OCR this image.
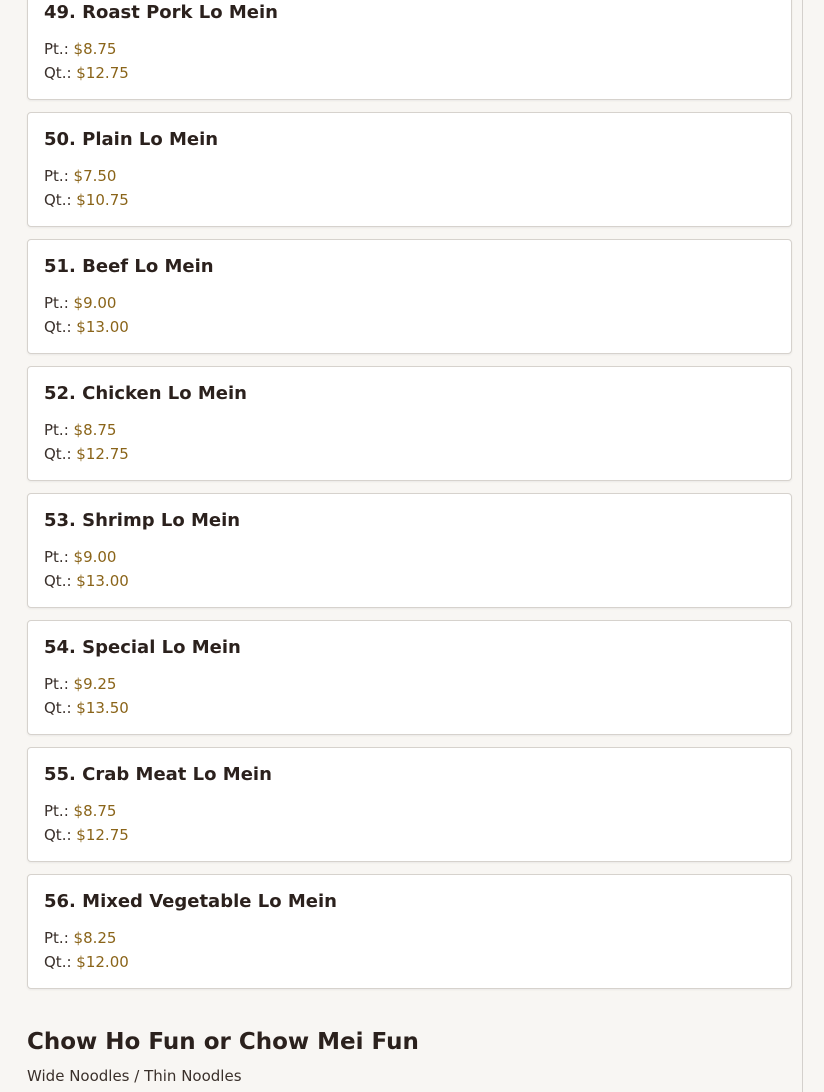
49. Roast Pork Lo Mein
Pt.: $8.75
Qt.: $12.75
50. Plain Lo Mein
Pt.: $7.50
Qt.: $10.75
51. Beef Lo Mein
Pt.: $9.00
Qt.: $13.00
52. Chicken Lo Mein
Pt.: $8.75
Qt.: $12.75
53. Shrimp Lo Mein
Pt.: $9.00
Qt.: $13.00
54. Special Lo Mein
Pt.: $9.25
Qt.: $13.50
55. Crab Meat Lo Mein
Pt.: $8.75
Qt.: $12.75
56. Mixed Vegetable Lo Mein
Pt.: $8.25
Qt.: $12.00
Chow Ho Fun or Chow Mei Fun
Wide Noodles / Thin Noodles
